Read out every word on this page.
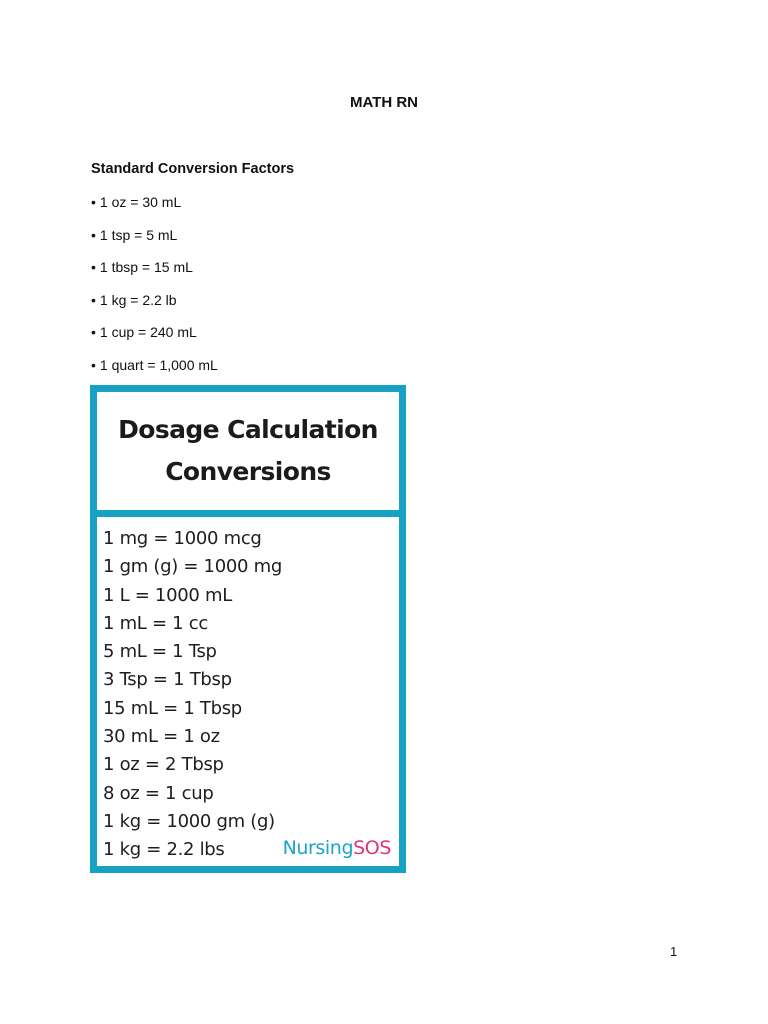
MATH RN
Standard Conversion Factors
• 1 oz = 30 mL
• 1 tsp = 5 mL
• 1 tbsp = 15 mL
• 1 kg = 2.2 lb
• 1 cup = 240 mL
• 1 quart = 1,000 mL
Dosage Calculation
Conversions
1 mg = 1000 mcg
1 gm (g) = 1000 mg
1 L = 1000 mL
1 mL = 1 cc
5 mL = 1 Tsp
3 Tsp = 1 Tbsp
15 mL = 1 Tbsp
30 mL = 1 oz
1 oz = 2 Tbsp
8 oz = 1 cup
1 kg = 1000 gm (g)
1 kg = 2.2 lbs	NursingSOS
1
